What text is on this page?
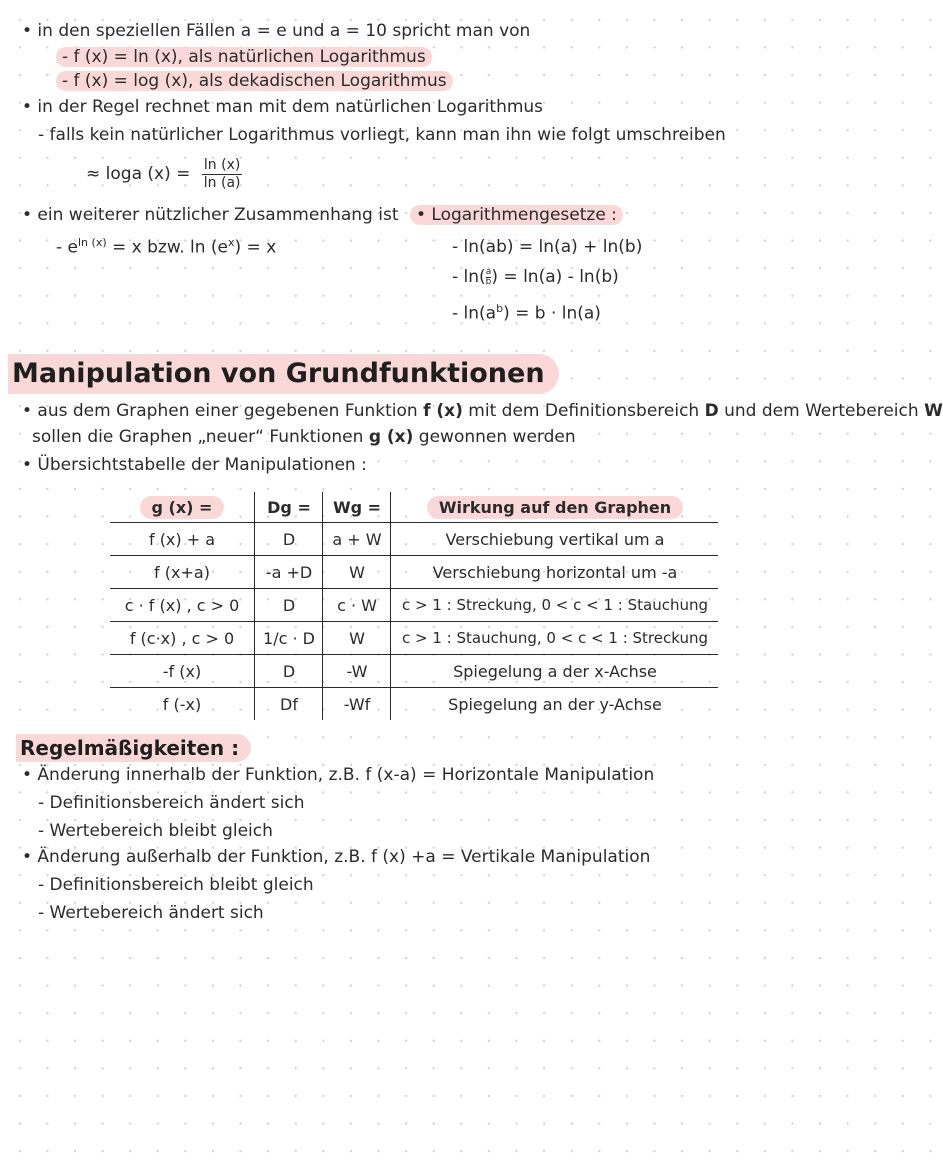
• in den speziellen Fällen a = e und a = 10 spricht man von
- f (x) = ln (x), als natürlichen Logarithmus
- f (x) = log (x), als dekadischen Logarithmus
• in der Regel rechnet man mit dem natürlichen Logarithmus
- falls kein natürlicher Logarithmus vorliegt, kann man ihn wie folgt umschreiben
≈ loga $(x) = \frac{\ln (x)}{\ln (a)}$
• ein weiterer nützlicher Zusammenhang ist
- $e^{ln (x)} = x$ bzw. $\ln (e^x) = x$
• Logarithmengesetze :
- ln(ab) = ln(a) + ln(b)
- $\ln( \frac{a}{b}) = \ln(a) - \ln(b)$
- $\ln(a^b) = b \cdot \ln(a)$
Manipulation von Grundfunktionen
• aus dem Graphen einer gegebenen Funktion f (x) mit dem Definitionsbereich D und dem Wertebereich W
sollen die Graphen „neuer“ Funktionen g (x) gewonnen werden
• Übersichtstabelle der Manipulationen :
g (x) =	Dg =	Wg =	Wirkung auf den Graphen
f (x) + a	D	a + W	Verschiebung vertikal um a
f (x+a)	-a +D	W	Verschiebung horizontal um -a
c · f (x) , c > 0	D	c · W	c > 1 : Streckung, 0 < c < 1 : Stauchung
f (c·x) , c > 0	1/c · D	W	c > 1 : Stauchung, 0 < c < 1 : Streckung
-f (x)	D	-W	Spiegelung a der x-Achse
f (-x)	Df	-Wf	Spiegelung an der y-Achse
Regelmäßigkeiten :
• Änderung innerhalb der Funktion, z.B. f (x-a) = Horizontale Manipulation
- Definitionsbereich ändert sich
- Wertebereich bleibt gleich
• Änderung außerhalb der Funktion, z.B. f (x) +a = Vertikale Manipulation
- Definitionsbereich bleibt gleich
- Wertebereich ändert sich
